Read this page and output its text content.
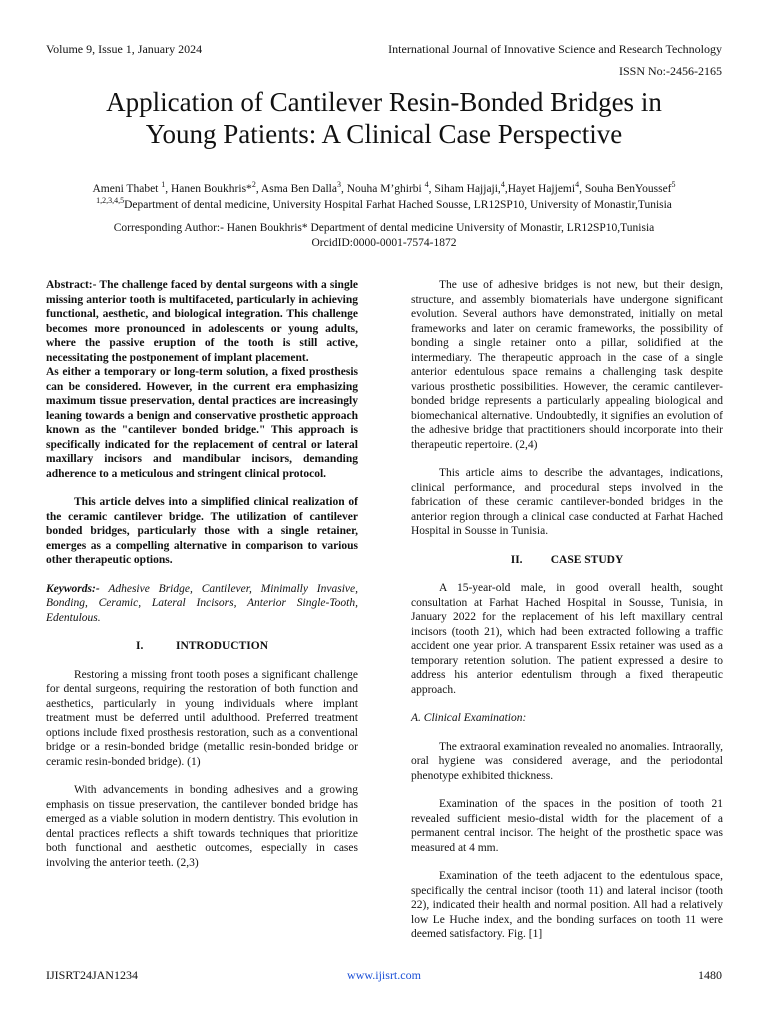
Volume 9, Issue 1, January 2024	International Journal of Innovative Science and Research Technology
ISSN No:-2456-2165
Application of Cantilever Resin-Bonded Bridges in
Young Patients: A Clinical Case Perspective
Ameni Thabet $^1$, Hanen Boukhris*$^2$, Asma Ben Dalla$^3$, Nouha M’ghirbi $^4$, Siham Hajjaji,$^4$,Hayet Hajjemi$^4$, Souha BenYoussef$^5$
$^{1,2,3,4,5}$Department of dental medicine, University Hospital Farhat Hached Sousse, LR12SP10, University of Monastir,Tunisia
Corresponding Author:- Hanen Boukhris* Department of dental medicine University of Monastir, LR12SP10,Tunisia
OrcidID:0000-0001-7574-1872

Abstract:- The challenge faced by dental surgeons with a single missing anterior tooth is multifaceted, particularly in achieving functional, aesthetic, and biological integration. This challenge becomes more pronounced in adolescents or young adults, where the passive eruption of the tooth is still active, necessitating the postponement of implant placement.

As either a temporary or long-term solution, a fixed prosthesis can be considered. However, in the current era emphasizing maximum tissue preservation, dental practices are increasingly leaning towards a benign and conservative prosthetic approach known as the "cantilever bonded bridge." This approach is specifically indicated for the replacement of central or lateral maxillary incisors and mandibular incisors, demanding adherence to a meticulous and stringent clinical protocol.

This article delves into a simplified clinical realization of the ceramic cantilever bridge. The utilization of cantilever bonded bridges, particularly those with a single retainer, emerges as a compelling alternative in comparison to various other therapeutic options.

Keywords:- Adhesive Bridge, Cantilever, Minimally Invasive, Bonding, Ceramic, Lateral Incisors, Anterior Single-Tooth, Edentulous.

I.	INTRODUCTION

Restoring a missing front tooth poses a significant challenge for dental surgeons, requiring the restoration of both function and aesthetics, particularly in young individuals where implant treatment must be deferred until adulthood. Preferred treatment options include fixed prosthesis restoration, such as a conventional bridge or a resin-bonded bridge (metallic resin-bonded bridge or ceramic resin-bonded bridge). (1)

With advancements in bonding adhesives and a growing emphasis on tissue preservation, the cantilever bonded bridge has emerged as a viable solution in modern dentistry. This evolution in dental practices reflects a shift towards techniques that prioritize both functional and aesthetic outcomes, especially in cases involving the anterior teeth. (2,3)

The use of adhesive bridges is not new, but their design, structure, and assembly biomaterials have undergone significant evolution. Several authors have demonstrated, initially on metal frameworks and later on ceramic frameworks, the possibility of bonding a single retainer onto a pillar, solidified at the intermediary. The therapeutic approach in the case of a single anterior edentulous space remains a challenging task despite various prosthetic possibilities. However, the ceramic cantilever-bonded bridge represents a particularly appealing biological and biomechanical alternative. Undoubtedly, it signifies an evolution of the adhesive bridge that practitioners should incorporate into their therapeutic repertoire. (2,4)

This article aims to describe the advantages, indications, clinical performance, and procedural steps involved in the fabrication of these ceramic cantilever-bonded bridges in the anterior region through a clinical case conducted at Farhat Hached Hospital in Sousse in Tunisia.

II. CASE STUDY

A 15-year-old male, in good overall health, sought consultation at Farhat Hached Hospital in Sousse, Tunisia, in January 2022 for the replacement of his left maxillary central incisors (tooth 21), which had been extracted following a traffic accident one year prior. A transparent Essix retainer was used as a temporary retention solution. The patient expressed a desire to address his anterior edentulism through a fixed therapeutic approach.

A. Clinical Examination:

The extraoral examination revealed no anomalies. Intraorally, oral hygiene was considered average, and the periodontal phenotype exhibited thickness.

Examination of the spaces in the position of tooth 21 revealed sufficient mesio-distal width for the placement of a permanent central incisor. The height of the prosthetic space was measured at 4 mm.

Examination of the teeth adjacent to the edentulous space, specifically the central incisor (tooth 11) and lateral incisor (tooth 22), indicated their health and normal position. All had a relatively low Le Huche index, and the bonding surfaces on tooth 11 were deemed satisfactory. Fig. [1]

IJISRT24JAN1234	www.ijisrt.com	1480
